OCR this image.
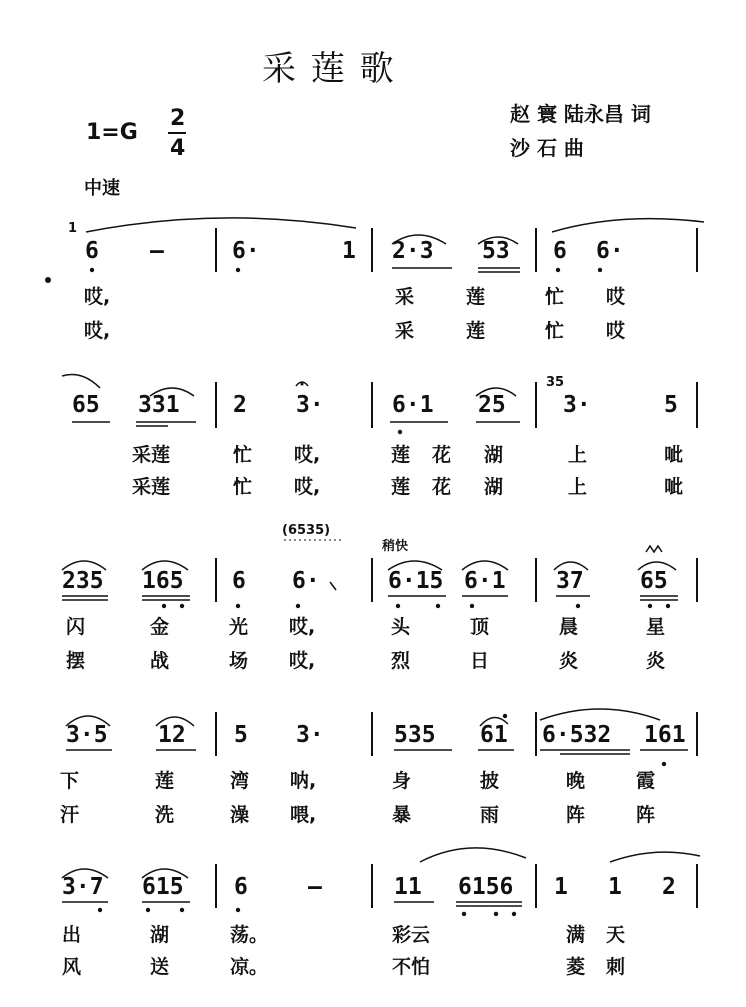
采 莲 歌
赵 寰 陆永昌 词
沙 石 曲
1=G
2
4
中速
1
6 —	6·	1 2·3 53 6 6·
哎,	采	莲	忙 哎
哎,	采	莲	忙 哎
65 331 2 3·	6·1 25
35
3·	5
采莲	忙 哎,	莲 花 湖	上	呲
采莲	忙 哎,	莲 花 湖	上	呲
(6535)
稍快
235 165 6 6·	6·15 6·1 37 65
闪	金	光 哎,	头	顶	晨	星
摆	战	场 哎,	烈	日	炎	炎
3·5 12 5 3·	535 61 6·532 161
下	莲	湾 呐,	身	披	晚	霞
汗	洗	澡 喂,	暴	雨	阵	阵
3·7 615 6	—	11 6156 1 1 2
出	湖	荡。	彩云	满 天
风	送	凉。	不怕	菱 刺
